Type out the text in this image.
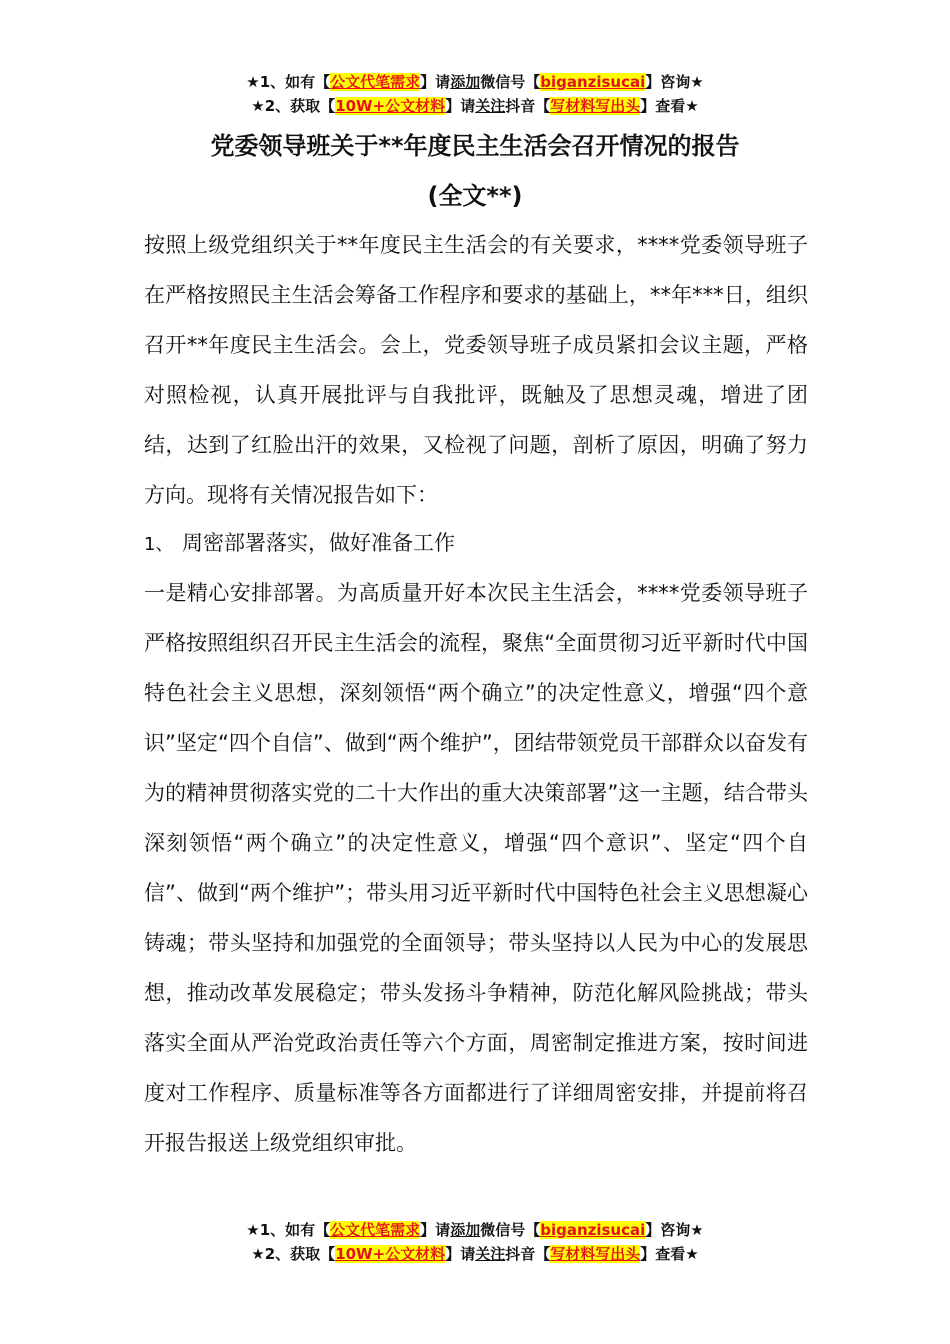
★1、如有【公文代笔需求】请添加微信号【biganzisucai】咨询★
★2、获取【10W+公文材料】请关注抖音【写材料写出头】查看★
党委领导班关于**年度民主生活会召开情况的报告
(全文**)
按照上级党组织关于**年度民主生活会的有关要求，****党委领导班子在严格按照民主生活会筹备工作程序和要求的基础上，**年***日，组织召开**年度民主生活会。会上，党委领导班子成员紧扣会议主题，严格对照检视，认真开展批评与自我批评，既触及了思想灵魂，增进了团结，达到了红脸出汗的效果，又检视了问题，剖析了原因，明确了努力方向。现将有关情况报告如下：
1、 周密部署落实，做好准备工作
一是精心安排部署。为高质量开好本次民主生活会，****党委领导班子严格按照组织召开民主生活会的流程，聚焦“全面贯彻习近平新时代中国特色社会主义思想，深刻领悟“两个确立”的决定性意义，增强“四个意识”坚定“四个自信”、做到“两个维护”，团结带领党员干部群众以奋发有为的精神贯彻落实党的二十大作出的重大决策部署”这一主题，结合带头深刻领悟“两个确立”的决定性意义，增强“四个意识”、坚定“四个自信”、做到“两个维护”；带头用习近平新时代中国特色社会主义思想凝心铸魂；带头坚持和加强党的全面领导；带头坚持以人民为中心的发展思想，推动改革发展稳定；带头发扬斗争精神，防范化解风险挑战；带头落实全面从严治党政治责任等六个方面，周密制定推进方案，按时间进度对工作程序、质量标准等各方面都进行了详细周密安排，并提前将召开报告报送上级党组织审批。
★1、如有【公文代笔需求】请添加微信号【biganzisucai】咨询★
★2、获取【10W+公文材料】请关注抖音【写材料写出头】查看★
